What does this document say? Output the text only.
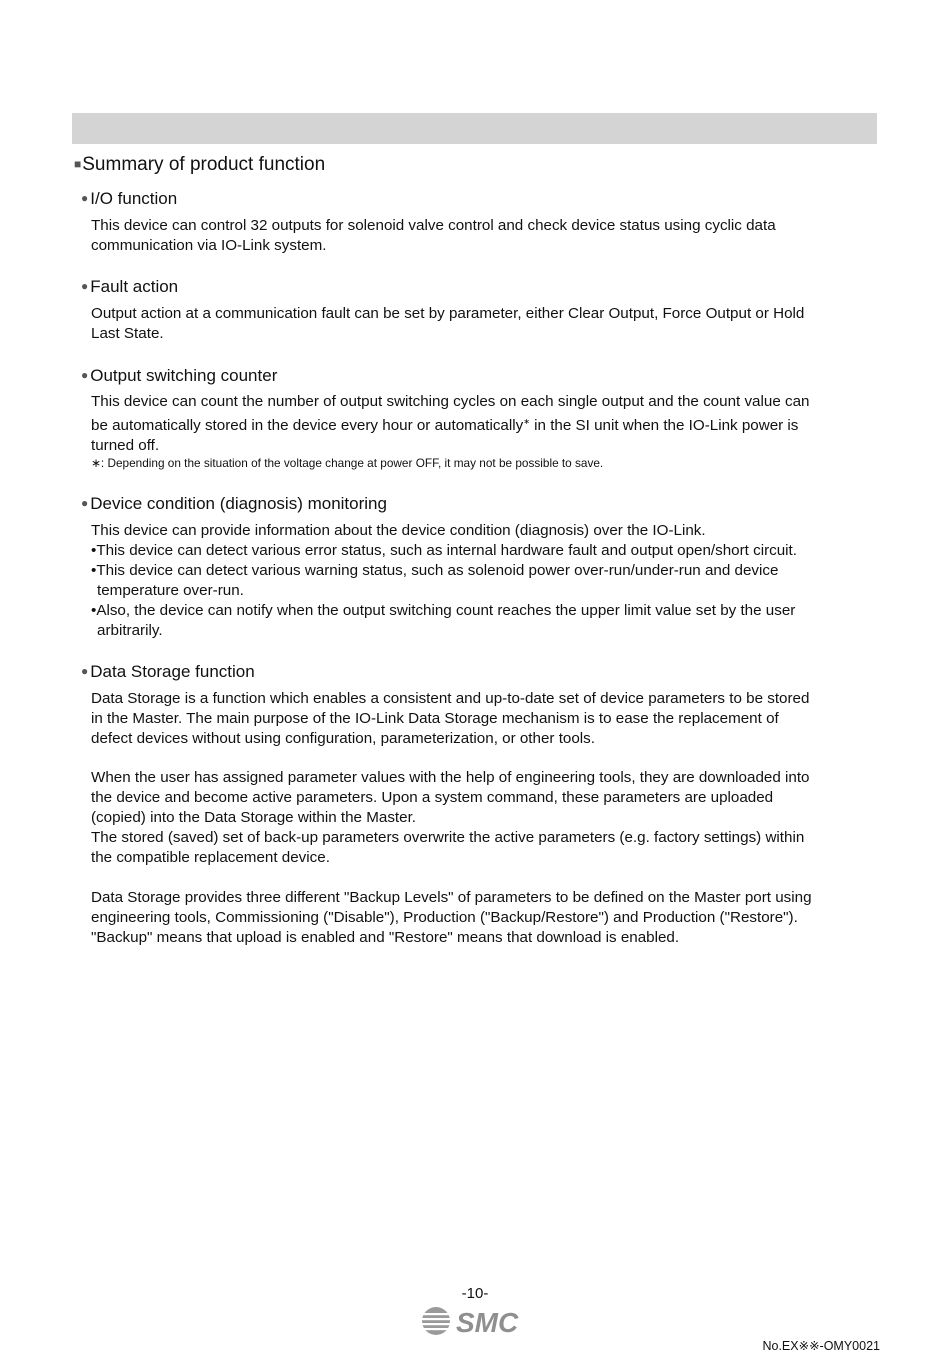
■Summary of product function
● I/O function
This device can control 32 outputs for solenoid valve control and check device status using cyclic data
communication via IO-Link system.
● Fault action
Output action at a communication fault can be set by parameter, either Clear Output, Force Output or Hold
Last State.
● Output switching counter
This device can count the number of output switching cycles on each single output and the count value can
be automatically stored in the device every hour or automatically∗ in the SI unit when the IO-Link power is
turned off.
∗: Depending on the situation of the voltage change at power OFF, it may not be possible to save.
● Device condition (diagnosis) monitoring
This device can provide information about the device condition (diagnosis) over the IO-Link.
•This device can detect various error status, such as internal hardware fault and output open/short circuit.
•This device can detect various warning status, such as solenoid power over-run/under-run and device
temperature over-run.
•Also, the device can notify when the output switching count reaches the upper limit value set by the user
arbitrarily.
● Data Storage function
Data Storage is a function which enables a consistent and up-to-date set of device parameters to be stored
in the Master. The main purpose of the IO-Link Data Storage mechanism is to ease the replacement of
defect devices without using configuration, parameterization, or other tools.
When the user has assigned parameter values with the help of engineering tools, they are downloaded into
the device and become active parameters. Upon a system command, these parameters are uploaded
(copied) into the Data Storage within the Master.
The stored (saved) set of back-up parameters overwrite the active parameters (e.g. factory settings) within
the compatible replacement device.
Data Storage provides three different "Backup Levels" of parameters to be defined on the Master port using
engineering tools, Commissioning ("Disable"), Production ("Backup/Restore") and Production ("Restore").
"Backup" means that upload is enabled and "Restore" means that download is enabled.
-10-
SMC
No.EX※※-OMY0021
